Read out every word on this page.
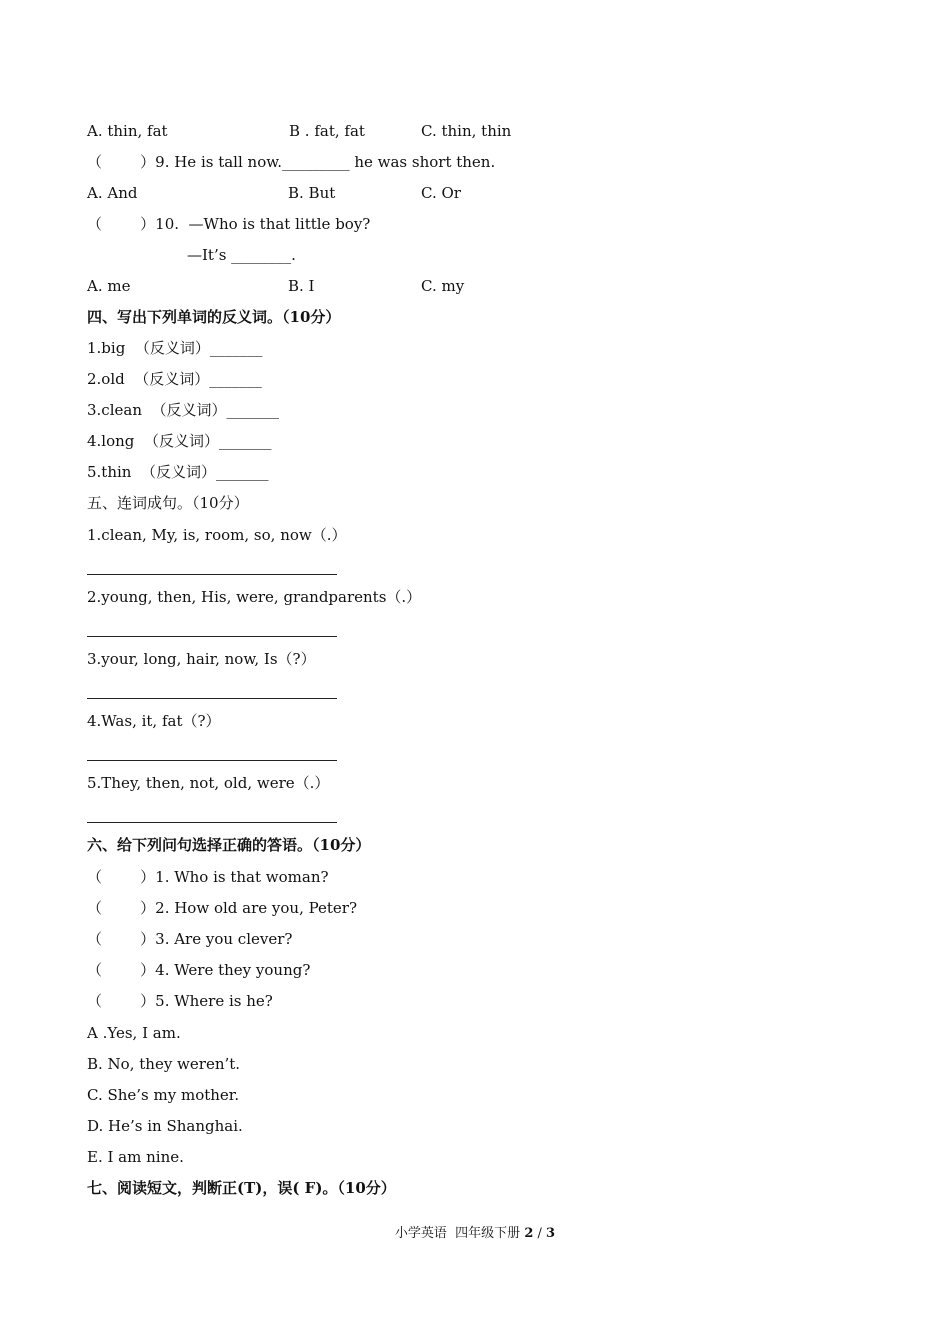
A. thin, fat	B . fat, fat	C. thin, thin
（        ）9. He is tall now._________ he was short then.
A. And	B. But	C. Or
（        ）10.  —Who is that little boy?
—It’s ________.
A. me	B. I	C. my
四、写出下列单词的反义词。（10分）
1.big  （反义词）_______
2.old  （反义词）_______
3.clean  （反义词）_______
4.long  （反义词）_______
5.thin  （反义词）_______
五、连词成句。（10分）
1.clean, My, is, room, so, now（.）
2.young, then, His, were, grandparents（.）
3.your, long, hair, now, Is（?）
4.Was, it, fat（?）
5.They, then, not, old, were（.）
六、给下列问句选择正确的答语。（10分）
（        ）1. Who is that woman?
（        ）2. How old are you, Peter?
（        ）3. Are you clever?
（        ）4. Were they young?
（        ）5. Where is he?
A .Yes, I am.
B. No, they weren’t.
C. She’s my mother.
D. He’s in Shanghai.
E. I am nine.
七、阅读短文，判断正(T)，误( F)。（10分）
小学英语  四年级下册 2 / 3
